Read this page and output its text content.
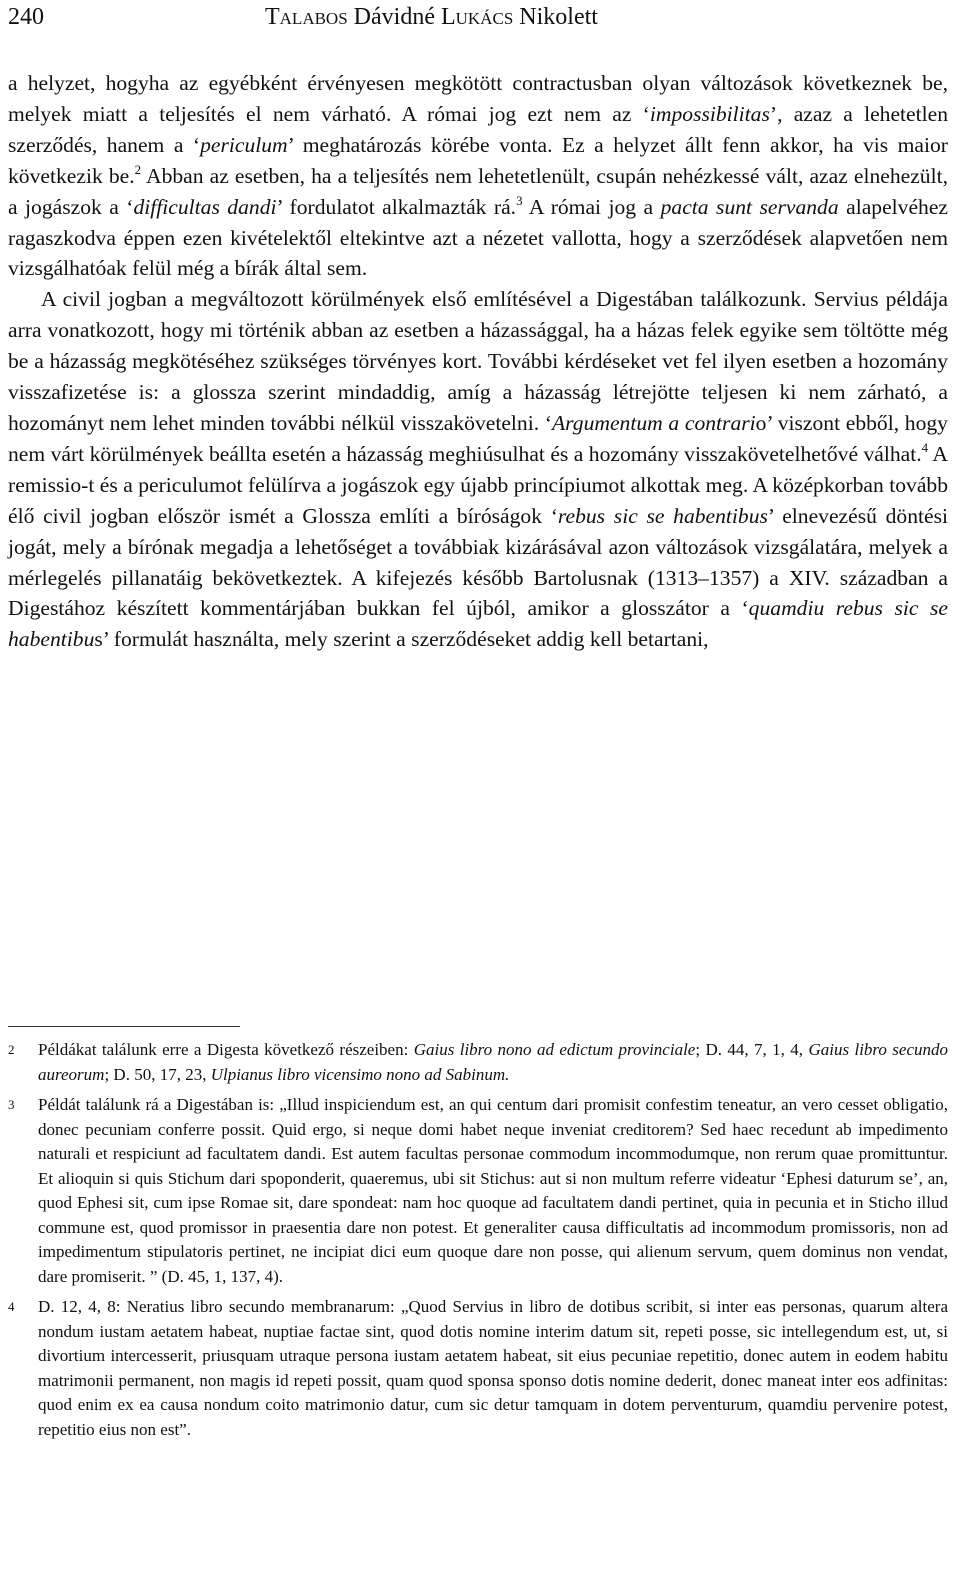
240	Talabos Dávidné Lukács Nikolett

a helyzet, hogyha az egyébként érvényesen megkötött contractusban olyan változások következnek be, melyek miatt a teljesítés el nem várható. A római jog ezt nem az ‘impossibilitas’, azaz a lehetetlen szerződés, hanem a ‘periculum’ meghatározás körébe vonta. Ez a helyzet állt fenn akkor, ha vis maior következik be.$^2$ Abban az esetben, ha a teljesítés nem lehetetlenült, csupán nehézkessé vált, azaz elnehezült, a jogászok a ‘difficultas dandi’ fordulatot alkalmazták rá.$^3$ A római jog a pacta sunt servanda alapelvéhez ragaszkodva éppen ezen kivételektől eltekintve azt a nézetet vallotta, hogy a szerződések alapvetően nem vizsgálhatóak felül még a bírák által sem.

A civil jogban a megváltozott körülmények első említésével a Digestában találkozunk. Servius példája arra vonatkozott, hogy mi történik abban az esetben a házassággal, ha a házas felek egyike sem töltötte még be a házasság megkötéséhez szükséges törvényes kort. További kérdéseket vet fel ilyen esetben a hozomány visszafizetése is: a glossza szerint mindaddig, amíg a házasság létrejötte teljesen ki nem zárható, a hozományt nem lehet minden további nélkül visszakövetelni. ‘Argumentum a contrario’ viszont ebből, hogy nem várt körülmények beállta esetén a házasság meghiúsulhat és a hozomány visszakövetelhetővé válhat.$^4$ A remissio-t és a periculumot felülírva a jogászok egy újabb princípiumot alkottak meg. A középkorban tovább élő civil jogban először ismét a Glossza említi a bíróságok ‘rebus sic se habentibus’ elnevezésű döntési jogát, mely a bírónak megadja a lehetőséget a továbbiak kizárásával azon változások vizsgálatára, melyek a mérlegelés pillanatáig bekövetkeztek. A kifejezés később Bartolusnak (1313–1357) a XIV. században a Digestához készített kommentárjában bukkan fel újból, amikor a glosszátor a ‘quamdiu rebus sic se habentibus’ formulát használta, mely szerint a szerződéseket addig kell betartani,

2 Példákat találunk erre a Digesta következő részeiben: Gaius libro nono ad edictum provinciale; D. 44, 7, 1, 4, Gaius libro secundo aureorum; D. 50, 17, 23, Ulpianus libro vicensimo nono ad Sabinum.
3 Példát találunk rá a Digestában is: „Illud inspiciendum est, an qui centum dari promisit confestim teneatur, an vero cesset obligatio, donec pecuniam conferre possit. Quid ergo, si neque domi habet neque inveniat creditorem? Sed haec recedunt ab impedimento naturali et respiciunt ad facultatem dandi. Est autem facultas personae commodum incommodumque, non rerum quae promittuntur. Et alioquin si quis Stichum dari spoponderit, quaeremus, ubi sit Stichus: aut si non multum referre videatur ‘Ephesi daturum se’, an, quod Ephesi sit, cum ipse Romae sit, dare spondeat: nam hoc quoque ad facultatem dandi pertinet, quia in pecunia et in Sticho illud commune est, quod promissor in praesentia dare non potest. Et generaliter causa difficultatis ad incommodum promissoris, non ad impedimentum stipulatoris pertinet, ne incipiat dici eum quoque dare non posse, qui alienum servum, quem dominus non vendat, dare promiserit. ” (D. 45, 1, 137, 4).
4 D. 12, 4, 8: Neratius libro secundo membranarum: „Quod Servius in libro de dotibus scribit, si inter eas personas, quarum altera nondum iustam aetatem habeat, nuptiae factae sint, quod dotis nomine interim datum sit, repeti posse, sic intellegendum est, ut, si divortium intercesserit, priusquam utraque persona iustam aetatem habeat, sit eius pecuniae repetitio, donec autem in eodem habitu matrimonii permanent, non magis id repeti possit, quam quod sponsa sponso dotis nomine dederit, donec maneat inter eos adfinitas: quod enim ex ea causa nondum coito matrimonio datur, cum sic detur tamquam in dotem perventurum, quamdiu pervenire potest, repetitio eius non est”.
